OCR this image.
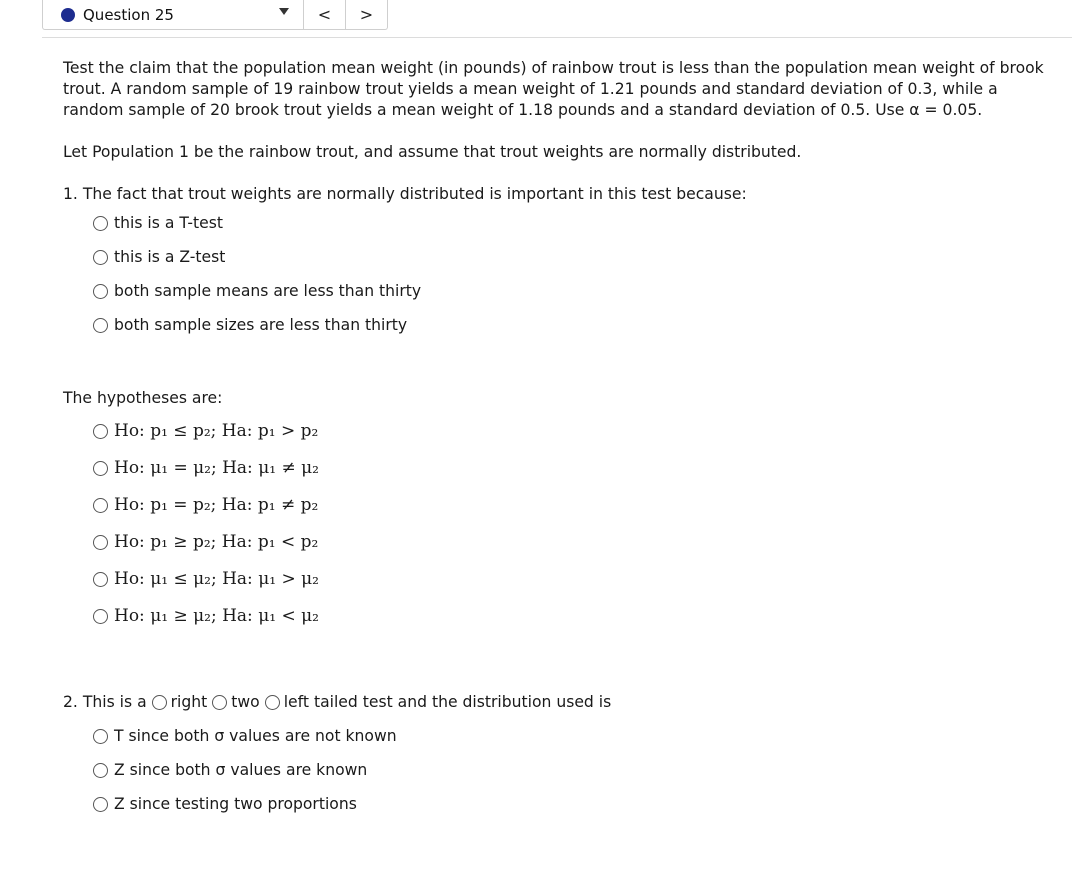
Question 25	<	>

Test the claim that the population mean weight (in pounds) of rainbow trout is less than the population mean weight of brook trout. A random sample of 19 rainbow trout yields a mean weight of 1.21 pounds and standard deviation of 0.3, while a random sample of 20 brook trout yields a mean weight of 1.18 pounds and a standard deviation of 0.5. Use α = 0.05.

Let Population 1 be the rainbow trout, and assume that trout weights are normally distributed.

1. The fact that trout weights are normally distributed is important in this test because:

this is a T-test
this is a Z-test
both sample means are less than thirty
both sample sizes are less than thirty

The hypotheses are:

Ho: p₁ ≤ p₂; Ha: p₁ > p₂
Ho: μ₁ = μ₂; Ha: μ₁ ≠ μ₂
Ho: p₁ = p₂; Ha: p₁ ≠ p₂
Ho: p₁ ≥ p₂; Ha: p₁ < p₂
Ho: μ₁ ≤ μ₂; Ha: μ₁ > μ₂
Ho: μ₁ ≥ μ₂; Ha: μ₁ < μ₂
2. This is a right two left tailed test and the distribution used is
T since both σ values are not known
Z since both σ values are known
Z since testing two proportions
